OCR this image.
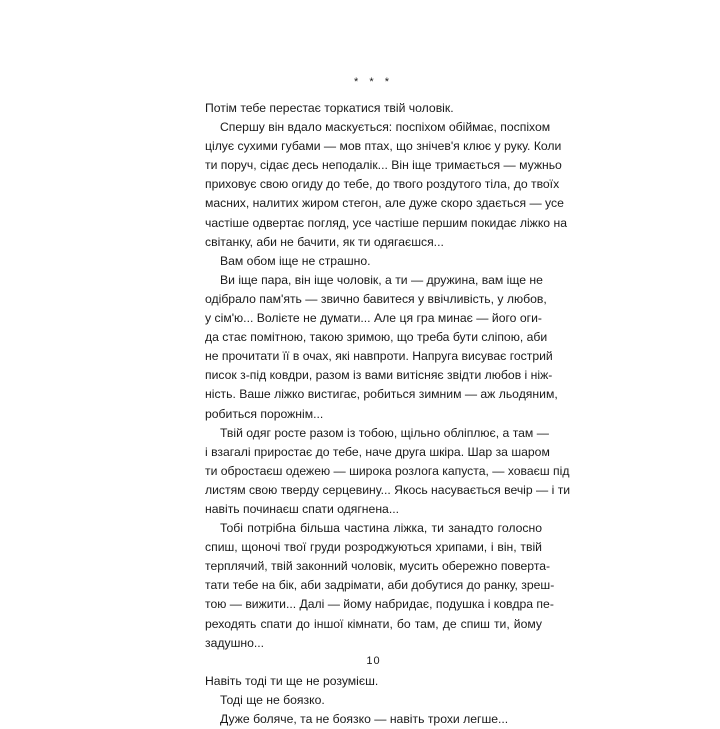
* * *
Потім тебе перестає торкатися твій чоловік.
Спершу він вдало маскується: поспіхом обіймає, поспіхом
цілує сухими губами — мов птах, що знічев'я клює у руку. Коли
ти поруч, сідає десь неподалік... Він іще тримається — мужньо
приховує свою огиду до тебе, до твого роздутого тіла, до твоїх
масних, налитих жиром стегон, але дуже скоро здається — усе
частіше одвертає погляд, усе частіше першим покидає ліжко на
світанку, аби не бачити, як ти одягаєшся...
Вам обом іще не страшно.
Ви іще пара, він іще чоловік, а ти — дружина, вам іще не
одібрало пам'ять — звично бавитеся у ввічливість, у любов,
у сім'ю... Волієте не думати... Але ця гра минає — його оги-
да стає помітною, такою зримою, що треба бути сліпою, аби
не прочитати її в очах, які навпроти. Напруга висуває гострий
писок з-під ковдри, разом із вами витісняє звідти любов і ніж-
ність. Ваше ліжко вистигає, робиться зимним — аж льодяним,
робиться порожнім...
Твій одяг росте разом із тобою, щільно обліплює, а там —
і взагалі приростає до тебе, наче друга шкіра. Шар за шаром
ти обростаєш одежею — широка розлога капуста, — ховаєш під
листям свою тверду серцевину... Якось насувається вечір — і ти
навіть починаєш спати одягнена...
Тобі потрібна більша частина ліжка, ти занадто голосно
спиш, щоночі твої груди розроджуються хрипами, і він, твій
терплячий, твій законний чоловік, мусить обережно поверта-
тати тебе на бік, аби задрімати, аби добутися до ранку, зреш-
тою — вижити... Далі — йому набридає, подушка і ковдра пе-
реходять спати до іншої кімнати, бо там, де спиш ти, йому
задушно...
Навіть тоді ти ще не розумієш.
Тоді ще не боязко.
Дуже боляче, та не боязко — навіть трохи легше...
10
